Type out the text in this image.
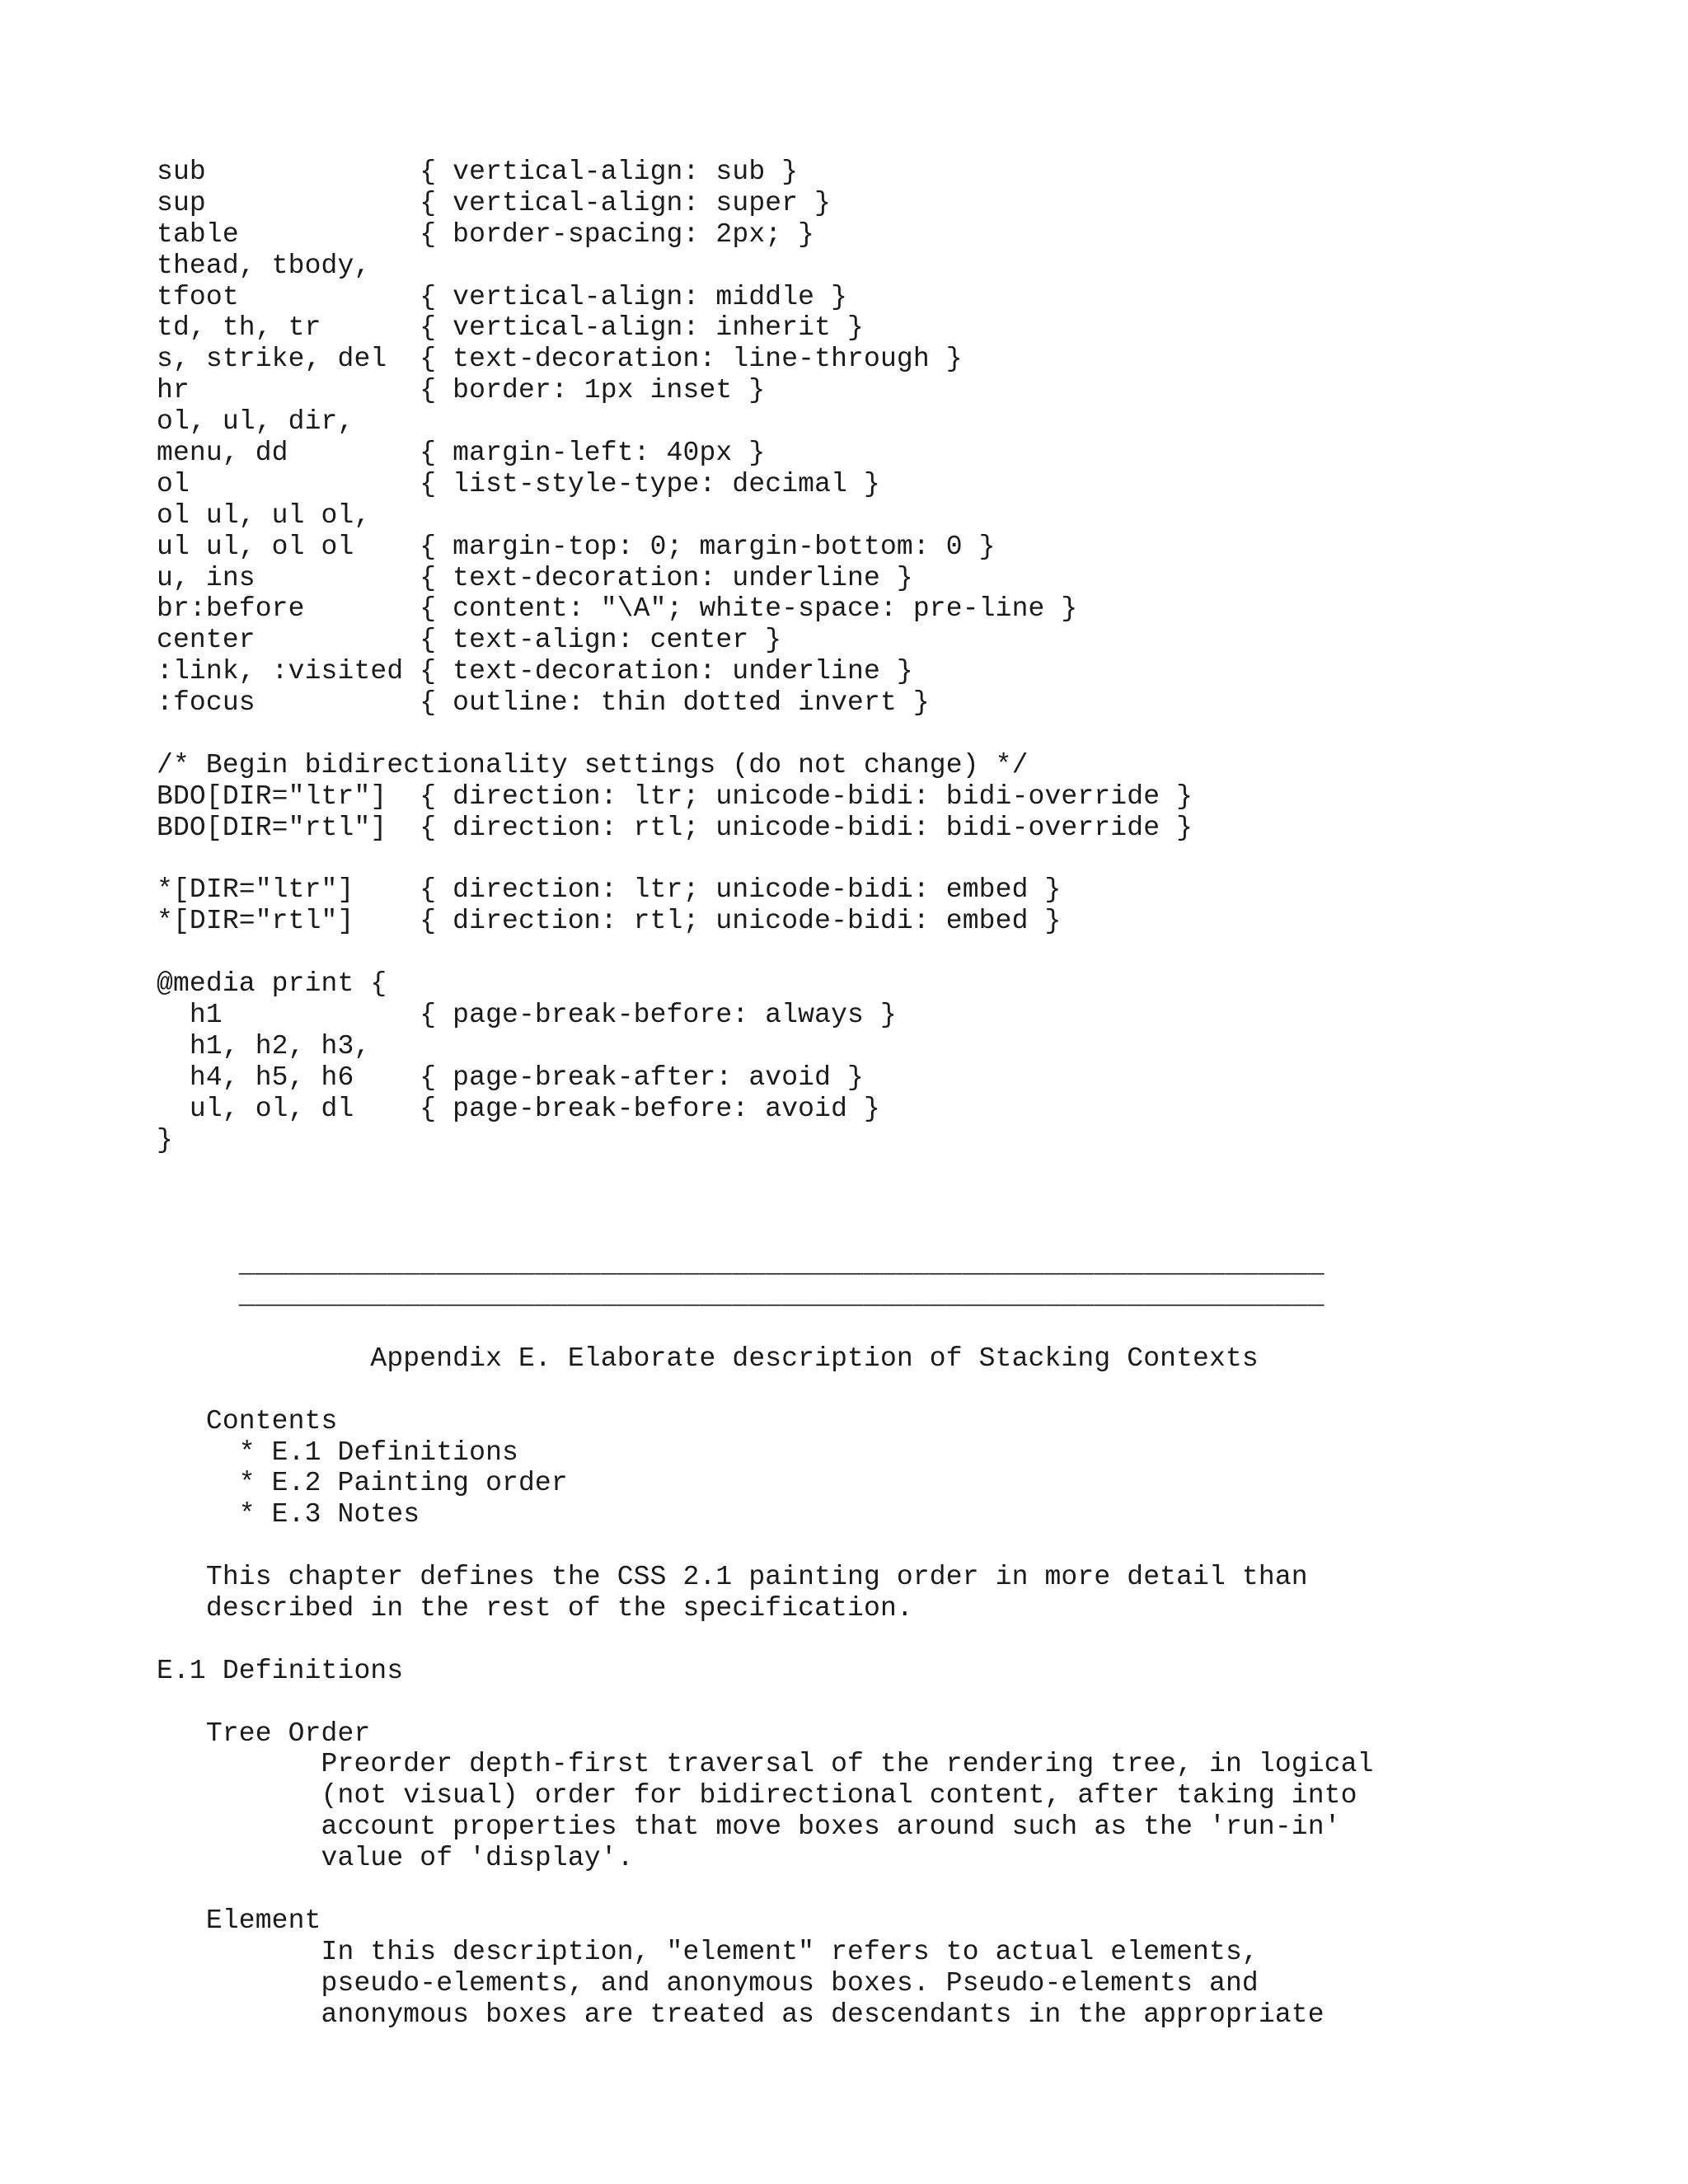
sub             { vertical-align: sub }
sup             { vertical-align: super }
table           { border-spacing: 2px; }
thead, tbody,
tfoot           { vertical-align: middle }
td, th, tr      { vertical-align: inherit }
s, strike, del  { text-decoration: line-through }
hr              { border: 1px inset }
ol, ul, dir,
menu, dd        { margin-left: 40px }
ol              { list-style-type: decimal }
ol ul, ul ol,
ul ul, ol ol    { margin-top: 0; margin-bottom: 0 }
u, ins          { text-decoration: underline }
br:before       { content: "\A"; white-space: pre-line }
center          { text-align: center }
:link, :visited { text-decoration: underline }
:focus          { outline: thin dotted invert }

/* Begin bidirectionality settings (do not change) */
BDO[DIR="ltr"]  { direction: ltr; unicode-bidi: bidi-override }
BDO[DIR="rtl"]  { direction: rtl; unicode-bidi: bidi-override }

*[DIR="ltr"]    { direction: ltr; unicode-bidi: embed }
*[DIR="rtl"]    { direction: rtl; unicode-bidi: embed }

@media print {
h1            { page-break-before: always }
h1, h2, h3,
h4, h5, h6    { page-break-after: avoid }
ul, ol, dl    { page-break-before: avoid }
}

__________________________________________________________________
__________________________________________________________________

Appendix E. Elaborate description of Stacking Contexts

Contents
* E.1 Definitions
* E.2 Painting order
* E.3 Notes

This chapter defines the CSS 2.1 painting order in more detail than
described in the rest of the specification.

E.1 Definitions

Tree Order
Preorder depth-first traversal of the rendering tree, in logical
(not visual) order for bidirectional content, after taking into
account properties that move boxes around such as the 'run-in'
value of 'display'.

Element
In this description, "element" refers to actual elements,
pseudo-elements, and anonymous boxes. Pseudo-elements and
anonymous boxes are treated as descendants in the appropriate
